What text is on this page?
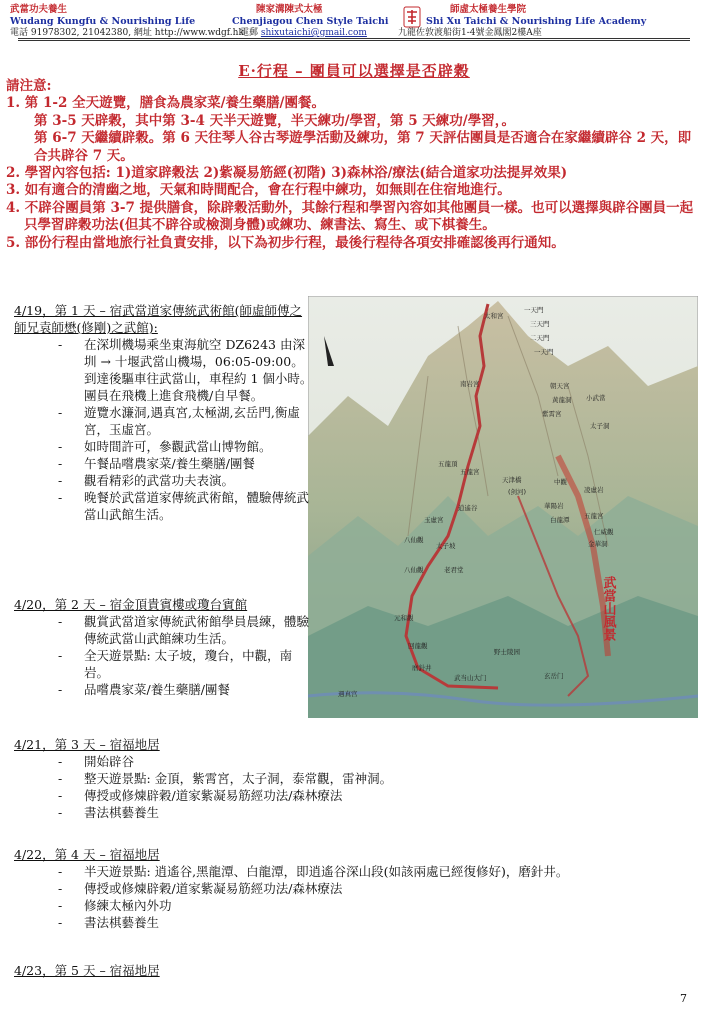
武當功夫養生
Wudang Kungfu & Nourishing Life
陳家溝陳式太極
Chenjiagou Chen Style Taichi
師虛太極養生學院
Shi Xu Taichi & Nourishing Life Academy
電話 91978302, 21042380, 網址 http://www.wdgf.hk
電郵 shixutaichi@gmail.com	九龍佐敦渡船街1-4號金鳳閣2樓A座
E·行程 – 團員可以選擇是否辟穀

請注意:

1. 第 1-2 全天遊覽，膳食為農家菜/養生藥膳/團餐。

第 3-5 天辟穀，其中第 3-4 天半天遊覽，半天練功/學習，第 5 天練功/學習，。

第 6-7 天繼續辟穀。第 6 天往琴人谷古琴遊學活動及練功，第 7 天評估團員是否適合在家繼續辟谷 2 天，即合共辟谷 7 天。

2. 學習內容包括: 1)道家辟穀法 2)紫凝易筋經(初階) 3)森林浴/療法(結合道家功法提昇效果)

3. 如有適合的清幽之地，天氣和時間配合，會在行程中練功，如無則在住宿地進行。

4. 不辟谷團員第 3-7 提供膳食，除辟穀活動外，其餘行程和學習內容如其他團員一樣。也可以選擇與辟谷團員一起只學習辟穀功法(但其不辟谷或檢測身體)或練功、練書法、寫生、或下棋養生。

5. 部份行程由當地旅行社負責安排，以下為初步行程，最後行程待各項安排確認後再行通知。

太和宮
一天門
三天門
二天門
一天門
南岩宮	朝天宮
黃龍洞
紫霄宮
小武當
太子洞
五龍頂
五龍宮
天津橋
(剑河)
中觀
凌虛岩
逍遙谷	華陽岩
白龍潭 五龍宮
仁威觀
玉虛宮
八仙觀
太子坡
八仙觀	老君堂
元和觀
回龍觀
磨針井
野士陵园
武当山大门
遇真宫
玄岳门
金華洞
武當山風景
4/19，第 1 天 – 宿武當道家傳統武術館(師虛師傅之師兄袁師懋(修剛)之武館):
- 在深圳機場乘坐東海航空 DZ6243 由深圳 → 十堰武當山機場，06:05-09:00。到達後驅車往武當山，車程約 1 個小時。團員在飛機上進食飛機/自早餐。
- 遊覽水濂洞,遇真宮,太極湖,玄岳門,衡虛宮，玉虛宮。
- 如時間許可，參觀武當山博物館。
- 午餐品嚐農家菜/養生藥膳/團餐
- 觀看精彩的武當功夫表演。
- 晚餐於武當道家傳統武術館，體驗傳統武當山武館生活。
4/20，第 2 天 – 宿金頂貴賓樓或瓊台賓館
- 觀賞武當道家傳統武術館學員晨練，體驗傳統武當山武館練功生活。
- 全天遊景點: 太子坡，瓊台，中觀，南岩。
- 品嚐農家菜/養生藥膳/團餐
4/21，第 3 天 – 宿福地居
- 開始辟谷
- 整天遊景點: 金頂，紫霄宮，太子洞，泰常觀，雷神洞。
- 傳授或修煉辟穀/道家紫凝易筋經功法/森林療法
- 書法棋藝養生
4/22，第 4 天 – 宿福地居
- 半天遊景點: 逍遙谷,黑龍潭、白龍潭，即逍遙谷深山段(如該兩處已經復修好)，磨針井。
- 傳授或修煉辟穀/道家紫凝易筋經功法/森林療法
- 修練太極內外功
- 書法棋藝養生
4/23，第 5 天 – 宿福地居
7
